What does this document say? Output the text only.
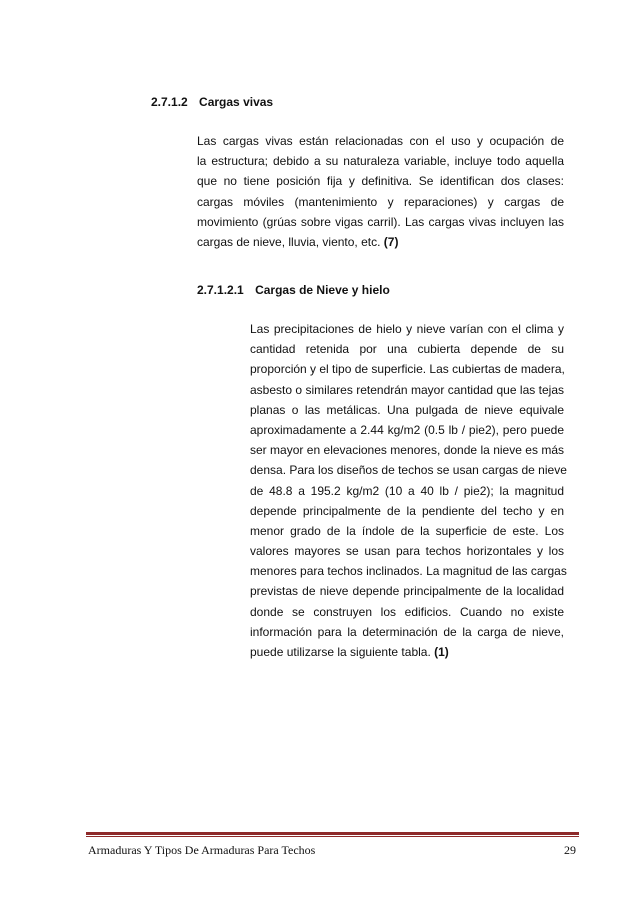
2.7.1.2 Cargas vivas
Las cargas vivas están relacionadas con el uso y ocupación de
la estructura; debido a su naturaleza variable, incluye todo aquella
que no tiene posición fija y definitiva. Se identifican dos clases:
cargas móviles (mantenimiento y reparaciones) y cargas de
movimiento (grúas sobre vigas carril). Las cargas vivas incluyen las
cargas de nieve, lluvia, viento, etc. (7)
2.7.1.2.1 Cargas de Nieve y hielo
Las precipitaciones de hielo y nieve varían con el clima y
cantidad retenida por una cubierta depende de su
proporción y el tipo de superficie. Las cubiertas de madera,
asbesto o similares retendrán mayor cantidad que las tejas
planas o las metálicas. Una pulgada de nieve equivale
aproximadamente a 2.44 kg/m2 (0.5 lb / pie2), pero puede
ser mayor en elevaciones menores, donde la nieve es más
densa. Para los diseños de techos se usan cargas de nieve
de 48.8 a 195.2 kg/m2 (10 a 40 lb / pie2); la magnitud
depende principalmente de la pendiente del techo y en
menor grado de la índole de la superficie de este. Los
valores mayores se usan para techos horizontales y los
menores para techos inclinados. La magnitud de las cargas
previstas de nieve depende principalmente de la localidad
donde se construyen los edificios. Cuando no existe
información para la determinación de la carga de nieve,
puede utilizarse la siguiente tabla. (1)
Armaduras Y Tipos De Armaduras Para Techos	29
